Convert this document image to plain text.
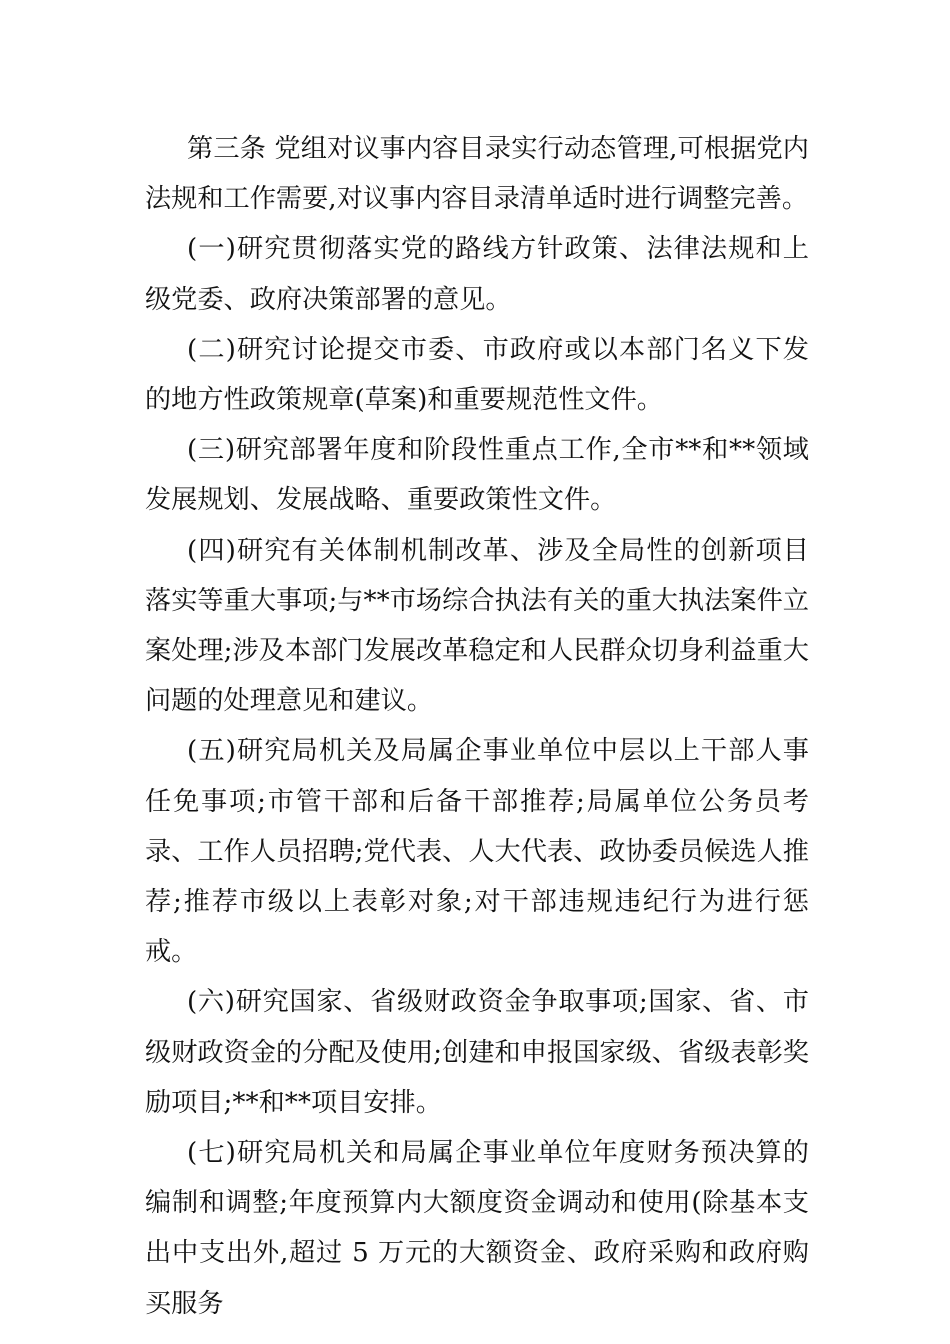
第三条 党组对议事内容目录实行动态管理,可根据党内法规和工作需要,对议事内容目录清单适时进行调整完善。

(一)研究贯彻落实党的路线方针政策、法律法规和上级党委、政府决策部署的意见。

(二)研究讨论提交市委、市政府或以本部门名义下发的地方性政策规章(草案)和重要规范性文件。

(三)研究部署年度和阶段性重点工作,全市**和**领域发展规划、发展战略、重要政策性文件。

(四)研究有关体制机制改革、涉及全局性的创新项目落实等重大事项;与**市场综合执法有关的重大执法案件立案处理;涉及本部门发展改革稳定和人民群众切身利益重大问题的处理意见和建议。

(五)研究局机关及局属企事业单位中层以上干部人事任免事项;市管干部和后备干部推荐;局属单位公务员考录、工作人员招聘;党代表、人大代表、政协委员候选人推荐;推荐市级以上表彰对象;对干部违规违纪行为进行惩戒。

(六)研究国家、省级财政资金争取事项;国家、省、市级财政资金的分配及使用;创建和申报国家级、省级表彰奖励项目;**和**项目安排。

(七)研究局机关和局属企事业单位年度财务预决算的编制和调整;年度预算内大额度资金调动和使用(除基本支出中支出外,超过 5 万元的大额资金、政府采购和政府购买服务
